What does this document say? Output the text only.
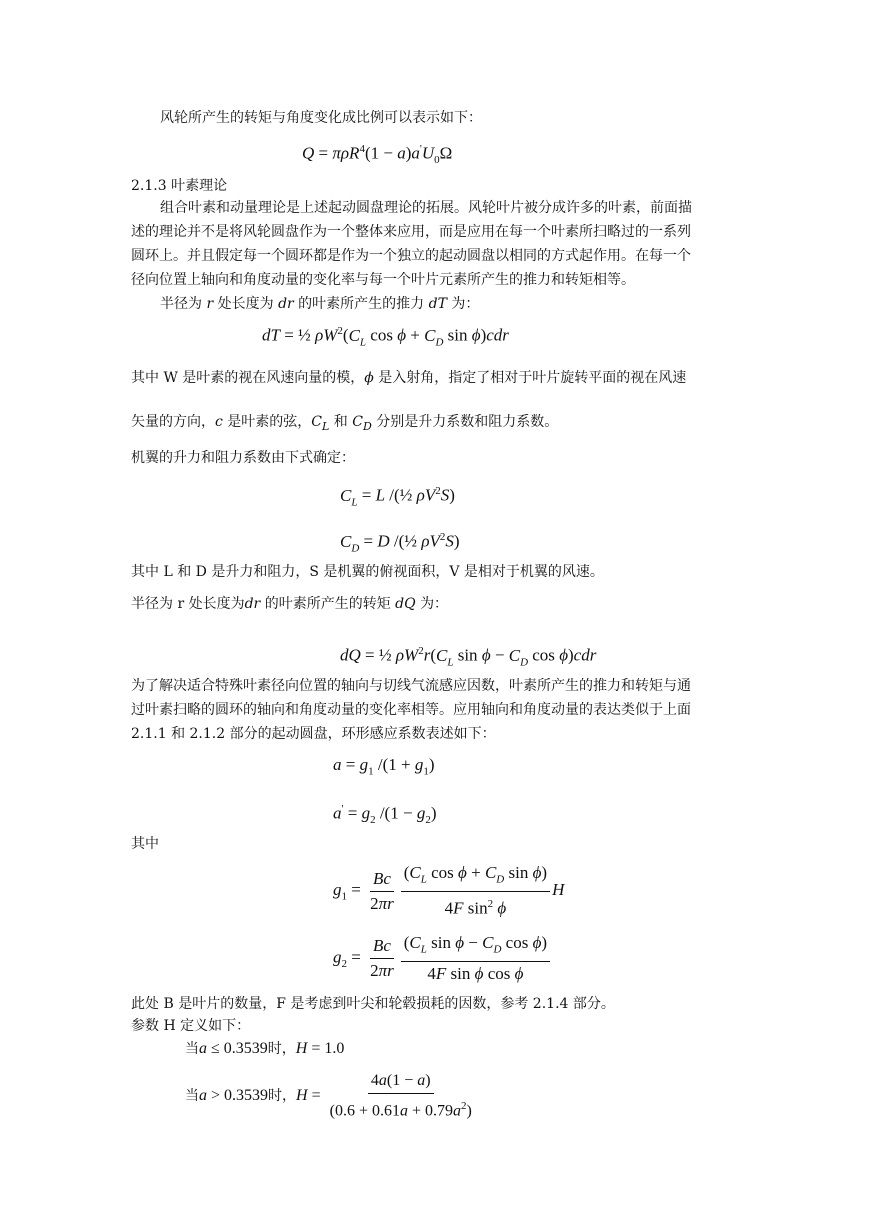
风轮所产生的转矩与角度变化成比例可以表示如下：
$Q = \pi\rho R^4(1 - a)a'U_0\Omega$
2.1.3 叶素理论
组合叶素和动量理论是上述起动圆盘理论的拓展。风轮叶片被分成许多的叶素，前面描
述的理论并不是将风轮圆盘作为一个整体来应用，而是应用在每一个叶素所扫略过的一系列
圆环上。并且假定每一个圆环都是作为一个独立的起动圆盘以相同的方式起作用。在每一个
径向位置上轴向和角度动量的变化率与每一个叶片元素所产生的推力和转矩相等。
半径为 r 处长度为 dr 的叶素所产生的推力 dT 为：
dT = ½ $\rho W^2(C_L$ $\cos \phi + C_D$ sin ϕ)cdr
其中 W 是叶素的视在风速向量的模，ϕ 是入射角，指定了相对于叶片旋转平面的视在风速
矢量的方向，c 是叶素的弦，$C_L$ 和 $C_D$ 分别是升力系数和阻力系数。
机翼的升力和阻力系数由下式确定：
$C_L = L$ /(½ $\rho V^2S$)
$C_D = D$ /(½ $\rho V^2S$)
其中 L 和 D 是升力和阻力，S 是机翼的俯视面积，V 是相对于机翼的风速。
半径为 r 处长度为dr 的叶素所产生的转矩 dQ 为：
dQ = ½ $\rho W^2r(C_L$ $\sin \phi - C_D$ cos ϕ)cdr
为了解决适合特殊叶素径向位置的轴向与切线气流感应因数，叶素所产生的推力和转矩与通
过叶素扫略的圆环的轴向和角度动量的变化率相等。应用轴向和角度动量的表达类似于上面
2.1.1 和 2.1.2 部分的起动圆盘，环形感应系数表述如下：
$a = g_1$ $/(1 + g_1)$
$a' = g_2$ $/(1 - g_2)$
其中
$g_1 = \frac{Bc}{2\pi r} \frac{(C_L \cos \phi + C_D \sin \phi)}{4F \sin^2 \phi}$ H
$g_2 = \frac{Bc}{2\pi r} \frac{(C_L \sin \phi - C_D \cos \phi)}{\text{4F sin ϕ cos ϕ}}$
此处 B 是叶片的数量，F 是考虑到叶尖和轮毂损耗的因数，参考 2.1.4 部分。
参数 H 定义如下：
当a ≤ 0.3539时，H = 1.0
当a > 0.3539时，$H = \frac{4a(1 - a)}{(0.6 + 0.61a + 0.79a^2)}$
